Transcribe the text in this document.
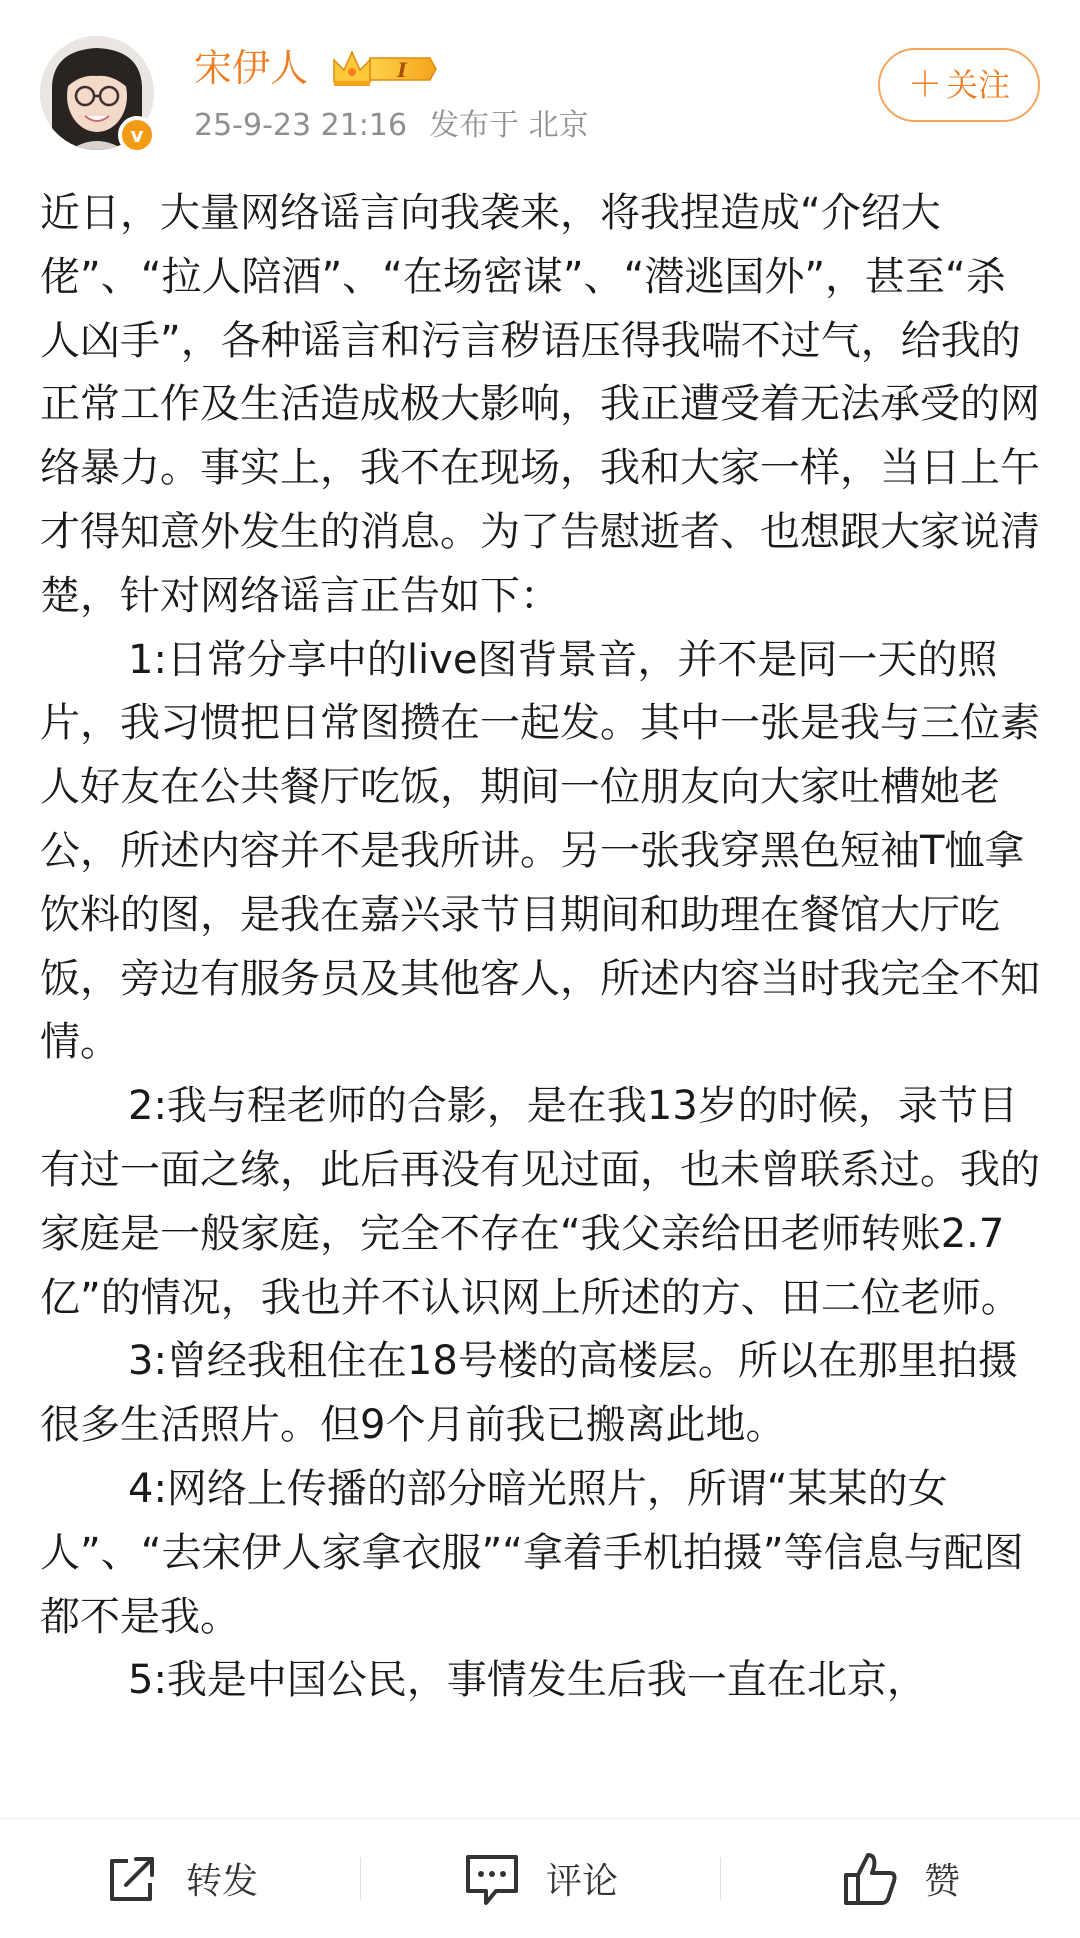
v
宋伊人	I
25-9-23 21:16 发布于 北京
＋ 关注

近日，大量网络谣言向我袭来，将我捏造成“介绍大佬”、“拉人陪酒”、“在场密谋”、“潜逃国外”，甚至“杀人凶手”，各种谣言和污言秽语压得我喘不过气，给我的正常工作及生活造成极大影响，我正遭受着无法承受的网络暴力。事实上，我不在现场，我和大家一样，当日上午才得知意外发生的消息。为了告慰逝者、也想跟大家说清楚，针对网络谣言正告如下：

1:日常分享中的live图背景音，并不是同一天的照片，我习惯把日常图攒在一起发。其中一张是我与三位素人好友在公共餐厅吃饭，期间一位朋友向大家吐槽她老公，所述内容并不是我所讲。另一张我穿黑色短袖T恤拿饮料的图，是我在嘉兴录节目期间和助理在餐馆大厅吃饭，旁边有服务员及其他客人，所述内容当时我完全不知情。

2:我与程老师的合影，是在我13岁的时候，录节目有过一面之缘，此后再没有见过面，也未曾联系过。我的家庭是一般家庭，完全不存在“我父亲给田老师转账2.7亿”的情况，我也并不认识网上所述的方、田二位老师。

3:曾经我租住在18号楼的高楼层。所以在那里拍摄很多生活照片。但9个月前我已搬离此地。

4:网络上传播的部分暗光照片，所谓“某某的女人”、“去宋伊人家拿衣服”“拿着手机拍摄”等信息与配图都不是我。

5:我是中国公民，事情发生后我一直在北京，

转发	评论	赞
